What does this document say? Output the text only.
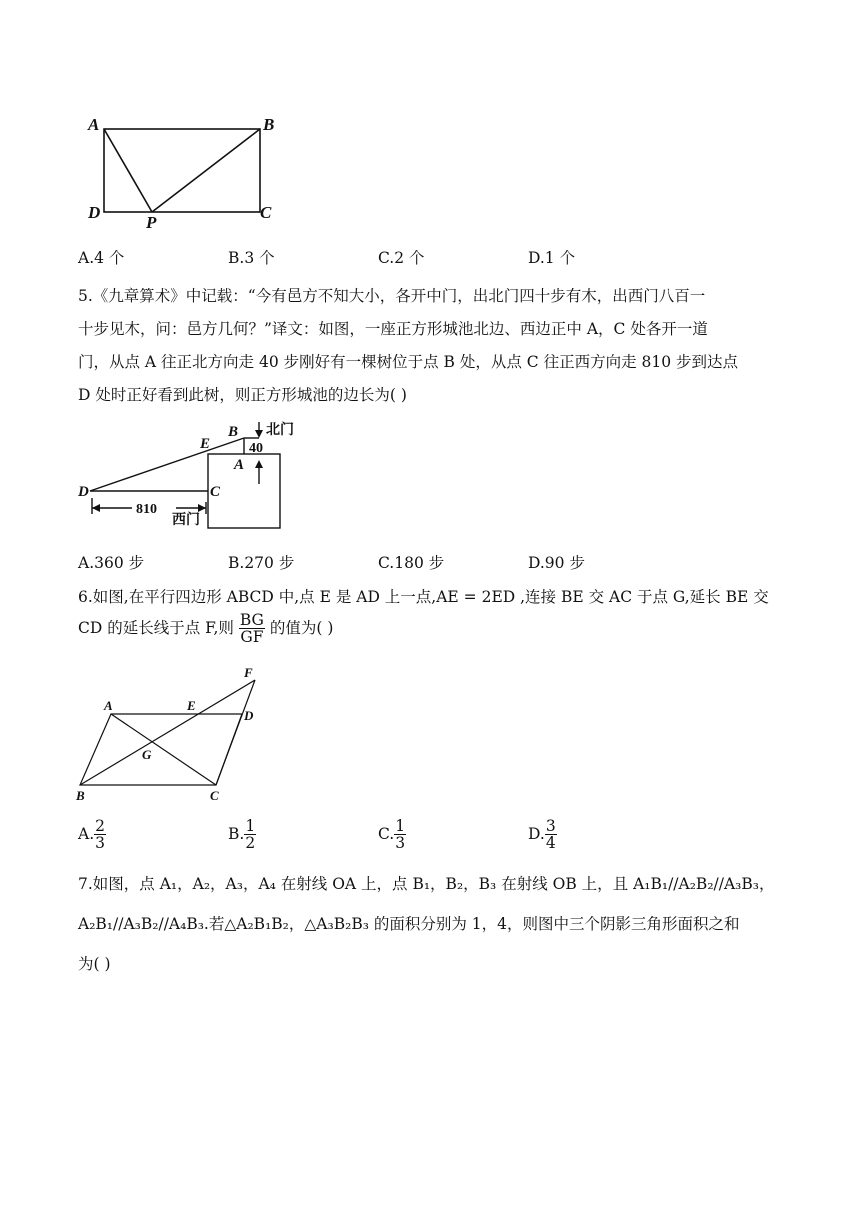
A	B
C
D
P
A.4 个	B.3 个	C.2 个	D.1 个
5.《九章算术》中记载：“今有邑方不知大小，各开中门，出北门四十步有木，出西门八百一
十步见木，问：邑方几何？”译文：如图，一座正方形城池北边、西边正中 A，C 处各开一道
门，从点 A 往正北方向走 40 步刚好有一棵树位于点 B 处，从点 C 往正西方向走 810 步到达点
D 处时正好看到此树，则正方形城池的边长为( )
B
E
A
C
D
40
810
北门
西门
A.360 步	B.270 步	C.180 步	D.90 步
6.如图,在平行四边形 ABCD 中,点 E 是 AD 上一点,AE = 2ED ,连接 BE 交 AC 于点 G,延长 BE 交
CD 的延长线于点 F,则 $\frac{BG}{GF}$ 的值为( )
A	E
D
F
G
B	C
A. $\frac{2}{3}$	B. $\frac{1}{2}$	C. $\frac{1}{3}$	D. $\frac{3}{4}$
7.如图，点 A₁，A₂，A₃，A₄ 在射线 OA 上，点 B₁，B₂，B₃ 在射线 OB 上，且 A₁B₁//A₂B₂//A₃B₃，
A₂B₁//A₃B₂//A₄B₃.若△A₂B₁B₂，△A₃B₂B₃ 的面积分别为 1，4，则图中三个阴影三角形面积之和
为( )
